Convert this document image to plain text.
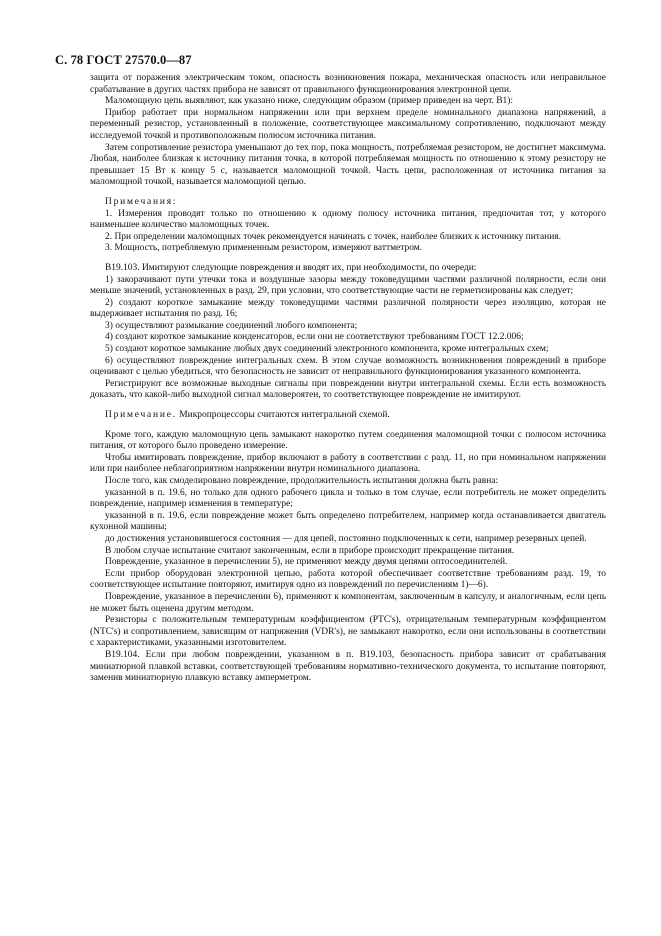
С. 78 ГОСТ 27570.0—87

защита от поражения электрическим током, опасность возникновения пожара, механическая опасность или неправильное срабатывание в других частях прибора не зависят от правильного функционирования электронной цепи.

Маломощную цепь выявляют, как указано ниже, следующим образом (пример приведен на черт. В1):

Прибор работает при нормальном напряжении или при верхнем пределе номинального диапазона напряжений, а переменный резистор, установленный в положение, соответствующее максимальному сопротивлению, подключают между исследуемой точкой и противоположным полюсом источника питания.

Затем сопротивление резистора уменьшают до тех пор, пока мощность, потребляемая резистором, не достигнет максимума. Любая, наиболее близкая к источнику питания точка, в которой потребляемая мощность по отношению к этому резистору не превышает 15 Вт к концу 5 с, называется маломощной точкой. Часть цепи, расположенная от источника питания за маломощной точкой, называется маломощной цепью.

Примечания:

1. Измерения проводят только по отношению к одному полюсу источника питания, предпочитая тот, у которого наименьшее количество маломощных точек.

2. При определении маломощных точек рекомендуется начинать с точек, наиболее близких к источнику питания.

3. Мощность, потребляемую примененным резистором, измеряют ваттметром.

В19.103. Имитируют следующие повреждения и вводят их, при необходимости, по очереди:

1) закорачивают пути утечки тока и воздушные зазоры между токоведущими частями различной полярности, если они меньше значений, установленных в разд. 29, при условии, что соответствующие части не герметизированы как следует;

2) создают короткое замыкание между токоведущими частями различной полярности через изоляцию, которая не выдерживает испытания по разд. 16;

3) осуществляют размыкание соединений любого компонента;

4) создают короткое замыкание конденсаторов, если они не соответствуют требованиям ГОСТ 12.2.006;

5) создают короткое замыкание любых двух соединений электронного компонента, кроме интегральных схем;

6) осуществляют повреждение интегральных схем. В этом случае возможность возникновения повреждений в приборе оценивают с целью убедиться, что безопасность не зависит от неправильного функционирования указанного компонента.

Регистрируют все возможные выходные сигналы при повреждении внутри интегральной схемы. Если есть возможность доказать, что какой-либо выходной сигнал маловероятен, то соответствующее повреждение не имитируют.

Примечание. Микропроцессоры считаются интегральной схемой.

Кроме того, каждую маломощную цепь замыкают накоротко путем соединения маломощной точки с полюсом источника питания, от которого было проведено измерение.

Чтобы имитировать повреждение, прибор включают в работу в соответствии с разд. 11, но при номинальном напряжении или при наиболее неблагоприятном напряжении внутри номинального диапазона.

После того, как смоделировано повреждение, продолжительность испытания должна быть равна:

указанной в п. 19.6, но только для одного рабочего цикла и только в том случае, если потребитель не может определить повреждение, например изменения в температуре;

указанной в п. 19.6, если повреждение может быть определено потребителем, например когда останавливается двигатель кухонной машины;

до достижения установившегося состояния — для цепей, постоянно подключенных к сети, например резервных цепей.

В любом случае испытание считают законченным, если в приборе происходит прекращение питания.

Повреждение, указанное в перечислении 5), не применяют между двумя цепями оптосоединителей.

Если прибор оборудован электронной цепью, работа которой обеспечивает соответствие требованиям разд. 19, то соответствующее испытание повторяют, имитируя одно из повреждений по перечислениям 1)—6).

Повреждение, указанное в перечислении 6), применяют к компонентам, заключенным в капсулу, и аналогичным, если цепь не может быть оценена другим методом.

Резисторы с положительным температурным коэффициентом (PTC's), отрицательным температурным коэффициентом (NTC's) и сопротивлением, зависящим от напряжения (VDR's), не замыкают накоротко, если они использованы в соответствии с характеристиками, указанными изготовителем.

В19.104. Если при любом повреждении, указанном в п. В19.103, безопасность прибора зависит от срабатывания миниатюрной плавкой вставки, соответствующей требованиям нормативно-технического документа, то испытание повторяют, заменив миниатюрную плавкую вставку амперметром.
